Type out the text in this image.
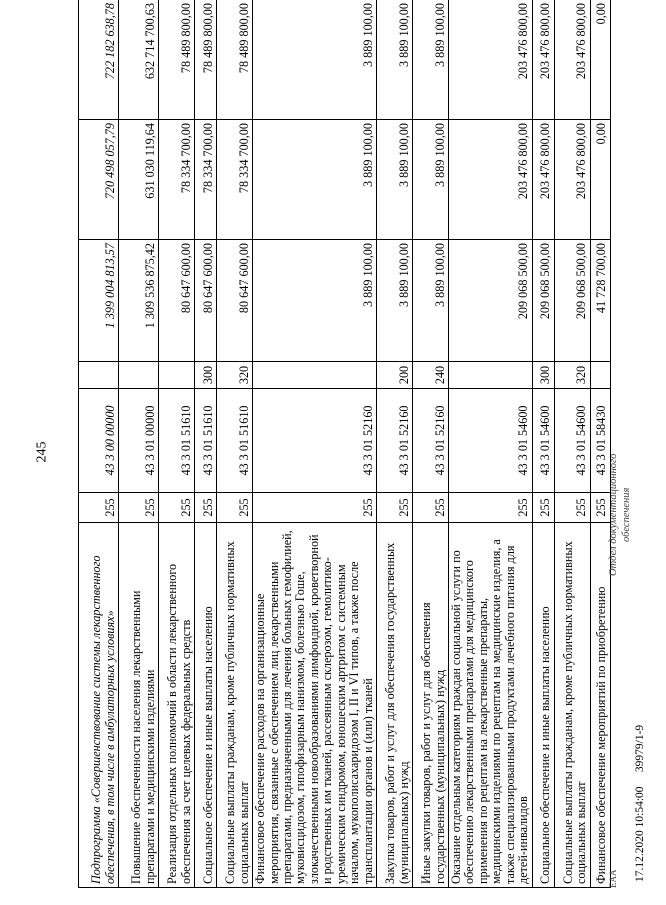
245
Подпрограмма «Совершенствование системы лекарственного обеспечения, в том числе в амбулаторных условиях»	255	43 3 00 00000		1 399 004 813,57	720 498 057,79	722 182 638,78
Повышение обеспеченности населения лекарственными препаратами и медицинскими изделиями	255	43 3 01 00000		1 309 536 875,42	631 030 119,64	632 714 700,63
Реализация отдельных полномочий в области лекарственного обеспечения за счет целевых федеральных средств	255	43 3 01 51610		80 647 600,00	78 334 700,00	78 489 800,00
Социальное обеспечение и иные выплаты населению	255	43 3 01 51610	300	80 647 600,00	78 334 700,00	78 489 800,00
Социальные выплаты гражданам, кроме публичных нормативных социальных выплат	255	43 3 01 51610	320	80 647 600,00	78 334 700,00	78 489 800,00
Финансовое обеспечение расходов на организационные мероприятия, связанные с обеспечением лиц лекарственными препаратами, предназначенными для лечения больных гемофилией, муковисцидозом, гипофизарным нанизмом, болезнью Гоше, злокачественными новообразованиями лимфоидной, кроветворной и родственных им тканей, рассеянным склерозом, гемолитико-уремическим синдромом, юношеским артритом с системным началом, мукополисахаридозом I, II и VI типов, а также после трансплантации органов и (или) тканей	255	43 3 01 52160		3 889 100,00	3 889 100,00	3 889 100,00
Закупка товаров, работ и услуг для обеспечения государственных (муниципальных) нужд	255	43 3 01 52160	200	3 889 100,00	3 889 100,00	3 889 100,00
Иные закупки товаров, работ и услуг для обеспечения государственных (муниципальных) нужд	255	43 3 01 52160	240	3 889 100,00	3 889 100,00	3 889 100,00
Оказание отдельным категориям граждан социальной услуги по обеспечению лекарственными препаратами для медицинского применения по рецептам на лекарственные препараты, медицинскими изделиями по рецептам на медицинские изделия, а также специализированными продуктами лечебного питания для детей-инвалидов	255	43 3 01 54600		209 068 500,00	203 476 800,00	203 476 800,00
Социальное обеспечение и иные выплаты населению	255	43 3 01 54600	300	209 068 500,00	203 476 800,00	203 476 800,00
Социальные выплаты гражданам, кроме публичных нормативных социальных выплат	255	43 3 01 54600	320	209 068 500,00	203 476 800,00	203 476 800,00
Финансовое обеспечение мероприятий по приобретению	255	43 3 01 58430		41 728 700,00	0,00	0,00
ЕАА 17.12.2020 10:54:00     39979/1-9
Отдел документационного обеспечения
